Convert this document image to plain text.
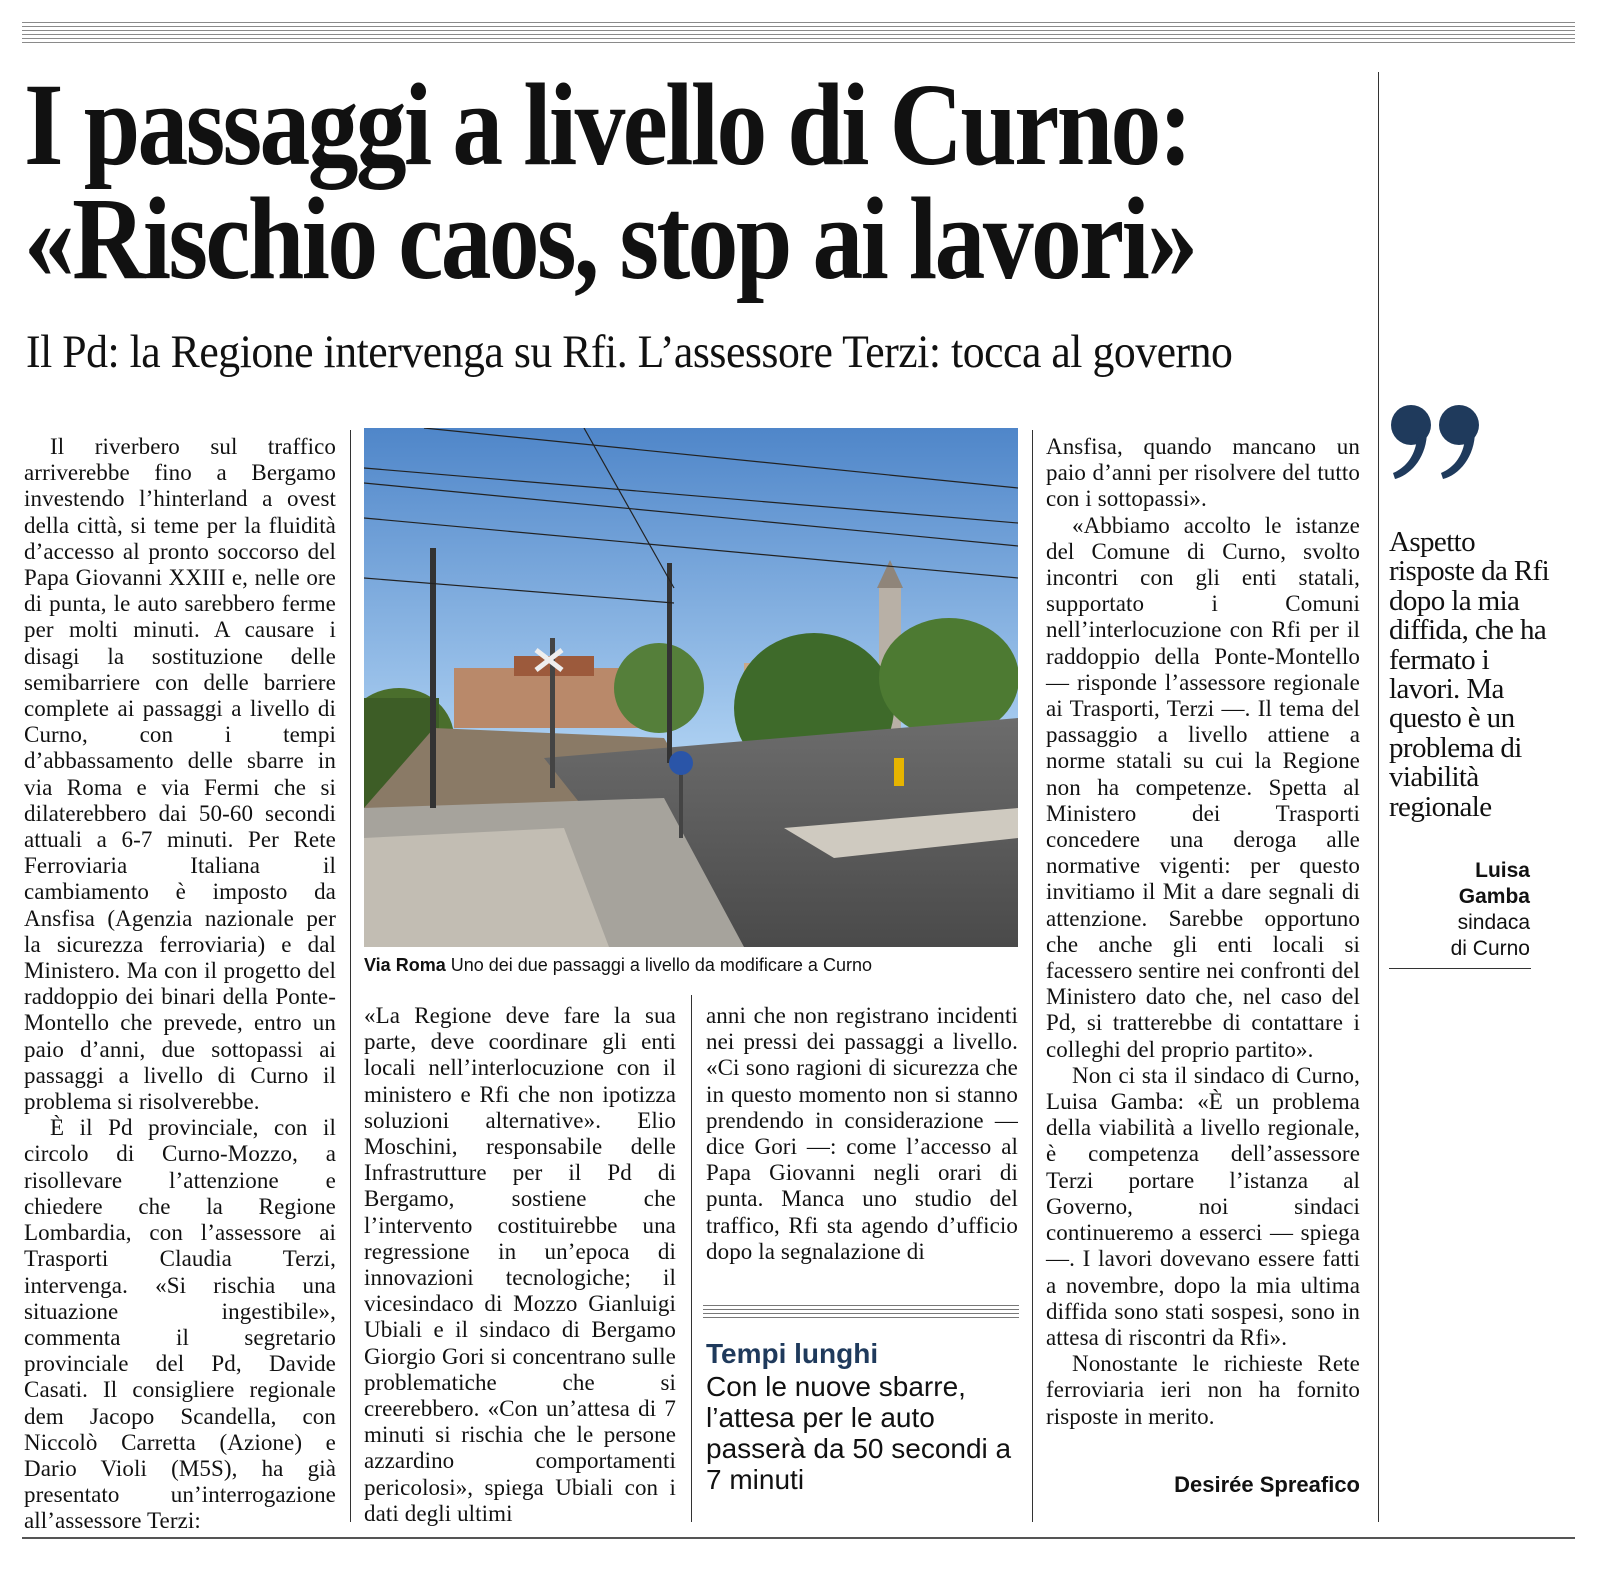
I passaggi a livello di Curno:
«Rischio caos, stop ai lavori»
Il Pd: la Regione intervenga su Rfi. L’assessore Terzi: tocca al governo

Il riverbero sul traffico arriverebbe fino a Bergamo investendo l’hinterland a ovest della città, si teme per la fluidità d’accesso al pronto soccorso del Papa Giovanni XXIII e, nelle ore di punta, le auto sarebbero ferme per molti minuti. A causare i disagi la sostituzione delle semibarriere con delle barriere complete ai passaggi a livello di Curno, con i tempi d’abbassamento delle sbarre in via Roma e via Fermi che si dilaterebbero dai 50-60 secondi attuali a 6-7 minuti. Per Rete Ferroviaria Italiana il cambiamento è imposto da Ansfisa (Agenzia nazionale per la sicurezza ferroviaria) e dal Ministero. Ma con il progetto del raddoppio dei binari della Ponte-Montello che prevede, entro un paio d’anni, due sottopassi ai passaggi a livello di Curno il problema si risolverebbe.

È il Pd provinciale, con il circolo di Curno-Mozzo, a risollevare l’attenzione e chiedere che la Regione Lombardia, con l’assessore ai Trasporti Claudia Terzi, intervenga. «Si rischia una situazione ingestibile», commenta il segretario provinciale del Pd, Davide Casati. Il consigliere regionale dem Jacopo Scandella, con Niccolò Carretta (Azione) e Dario Violi (M5S), ha già presentato un’interrogazione all’assessore Terzi:

Via Roma Uno dei due passaggi a livello da modificare a Curno

«La Regione deve fare la sua parte, deve coordinare gli enti locali nell’interlocuzione con il ministero e Rfi che non ipotizza soluzioni alternative». Elio Moschini, responsabile delle Infrastrutture per il Pd di Bergamo, sostiene che l’intervento costituirebbe una regressione in un’epoca di innovazioni tecnologiche; il vicesindaco di Mozzo Gianluigi Ubiali e il sindaco di Bergamo Giorgio Gori si concentrano sulle problematiche che si creerebbero. «Con un’attesa di 7 minuti si rischia che le persone azzardino comportamenti pericolosi», spiega Ubiali con i dati degli ultimi

anni che non registrano incidenti nei pressi dei passaggi a livello. «Ci sono ragioni di sicurezza che in questo momento non si stanno prendendo in considerazione — dice Gori —: come l’accesso al Papa Giovanni negli orari di punta. Manca uno studio del traffico, Rfi sta agendo d’ufficio dopo la segnalazione di

Tempi lunghi
Con le nuove sbarre, l’attesa per le auto passerà da 50 secondi a 7 minuti

Ansfisa, quando mancano un paio d’anni per risolvere del tutto con i sottopassi».

«Abbiamo accolto le istanze del Comune di Curno, svolto incontri con gli enti statali, supportato i Comuni nell’interlocuzione con Rfi per il raddoppio della Ponte-Montello — risponde l’assessore regionale ai Trasporti, Terzi —. Il tema del passaggio a livello attiene a norme statali su cui la Regione non ha competenze. Spetta al Ministero dei Trasporti concedere una deroga alle normative vigenti: per questo invitiamo il Mit a dare segnali di attenzione. Sarebbe opportuno che anche gli enti locali si facessero sentire nei confronti del Ministero dato che, nel caso del Pd, si tratterebbe di contattare i colleghi del proprio partito».

Non ci sta il sindaco di Curno, Luisa Gamba: «È un problema della viabilità a livello regionale, è competenza dell’assessore Terzi portare l’istanza al Governo, noi sindaci continueremo a esserci — spiega —. I lavori dovevano essere fatti a novembre, dopo la mia ultima diffida sono stati sospesi, sono in attesa di riscontri da Rfi».

Nonostante le richieste Rete ferroviaria ieri non ha fornito risposte in merito.

Desirée Spreafico
Aspetto risposte da Rfi dopo la mia diffida, che ha fermato i lavori. Ma questo è un problema di viabilità regionale
Luisa
Gamba
sindaca
di Curno
